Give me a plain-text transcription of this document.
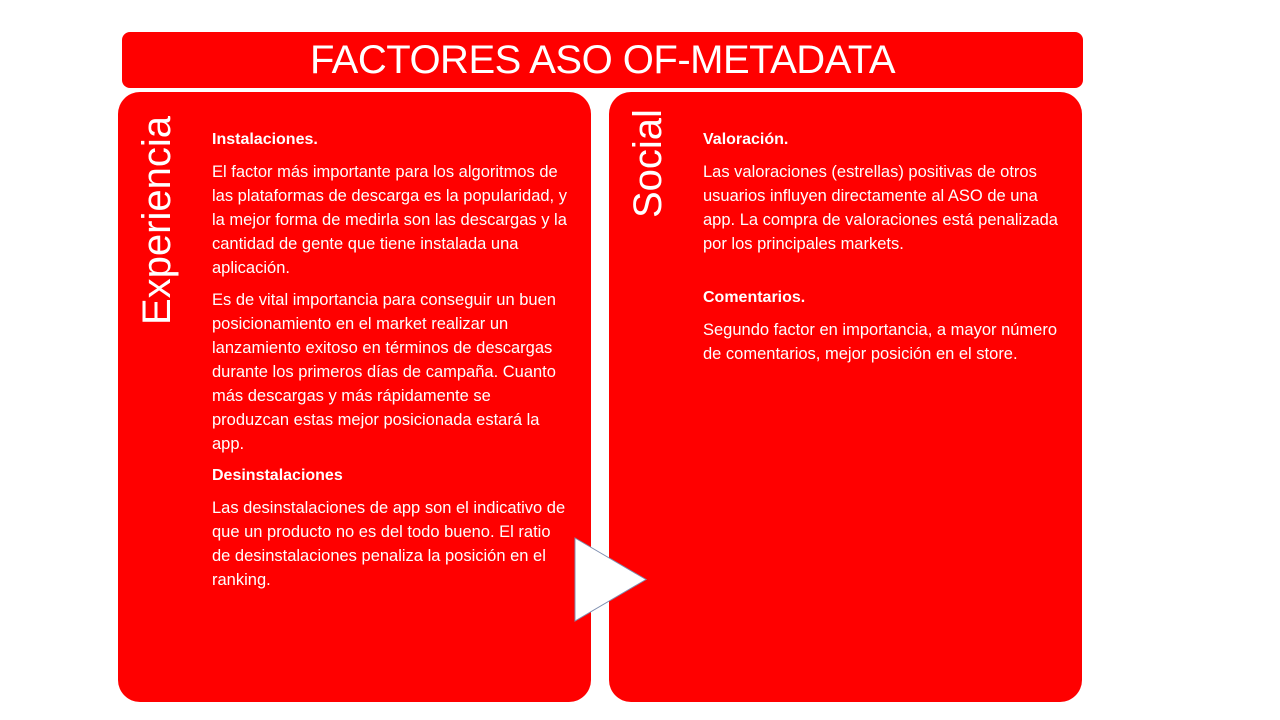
FACTORES ASO OF-METADATA
Experiencia Instalaciones.

El factor más importante para los algoritmos de las plataformas de descarga es la popularidad, y la mejor forma de medirla son las descargas y la cantidad de gente que tiene instalada una aplicación.

Es de vital importancia para conseguir un buen posicionamiento en el market realizar un lanzamiento exitoso en términos de descargas durante los primeros días de campaña. Cuanto más descargas y más rápidamente se produzcan estas mejor posicionada estará la app.

Desinstalaciones

Las desinstalaciones de app son el indicativo de que un producto no es del todo bueno. El ratio de desinstalaciones penaliza la posición en el ranking.

Social Valoración.

Las valoraciones (estrellas) positivas de otros usuarios influyen directamente al ASO de una app. La compra de valoraciones está penalizada por los principales markets.

Comentarios.

Segundo factor en importancia, a mayor número de comentarios, mejor posición en el store.
